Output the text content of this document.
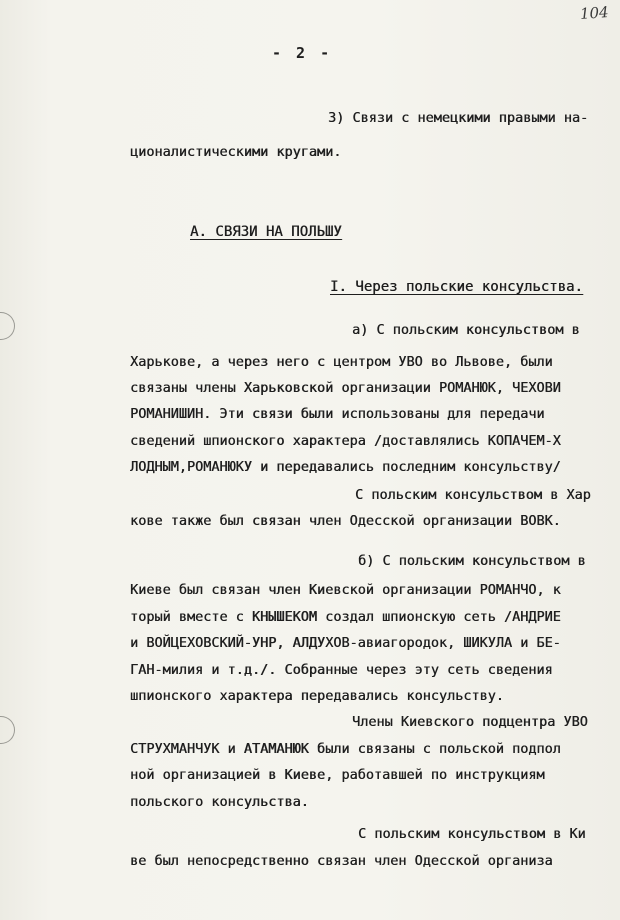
104
- 2 -
3) Связи с немецкими правыми на-
ционалистическими кругами.
А. СВЯЗИ НА ПОЛЬШУ
I. Через польские консульства.
а) С польским консульством в
Харькове, а через него с центром УВО во Львове, были
связаны члены Харьковской организации РОМАНЮК, ЧЕХОВИ
РОМАНИШИН. Эти связи были использованы для передачи
сведений шпионского характера /доставлялись КОПАЧЕМ-Х
ЛОДНЫМ,РОМАНЮКУ и передавались последним консульству/
С польским консульством в Хар
кове также был связан член Одесской организации ВОВК.
б) С польским консульством в
Киеве был связан член Киевской организации РОМАНЧО, к
торый вместе с КНЫШЕКОМ создал шпионскую сеть /АНДРИЕ
и ВОЙЦЕХОВСКИЙ-УНР, АЛДУХОВ-авиагородок, ШИКУЛА и БЕ-
ГАН-милия и т.д./. Собранные через эту сеть сведения
шпионского характера передавались консульству.
Члены Киевского подцентра УВО
СТРУХМАНЧУК и АТАМАНЮК были связаны с польской подпол
ной организацией в Киеве, работавшей по инструкциям
польского консульства.
С польским консульством в Ки
ве был непосредственно связан член Одесской организа
